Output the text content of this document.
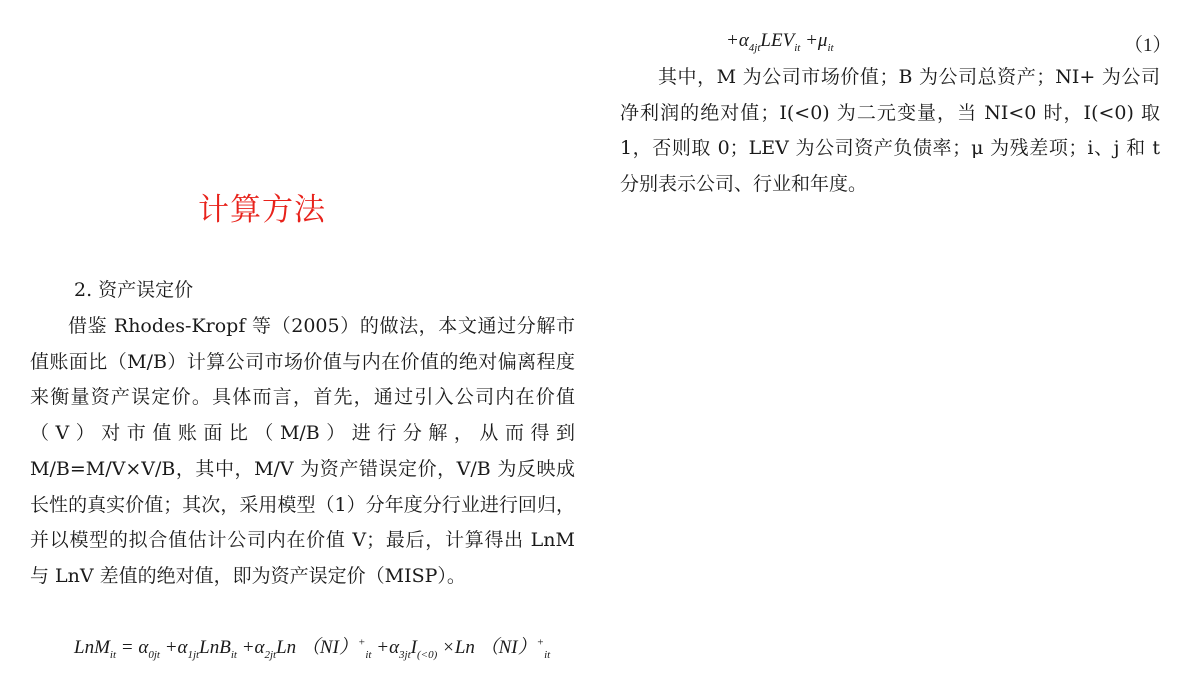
计算方法
2. 资产误定价

借鉴 Rhodes-Kropf 等（2005）的做法，本文通过分解市值账面比（M/B）计算公司市场价值与内在价值的绝对偏离程度来衡量资产误定价。具体而言，首先，通过引入公司内在价值（V）对市值账面比（M/B）进行分解，从而得到 M/B=M/V×V/B，其中，M/V 为资产错误定价，V/B 为反映成长性的真实价值；其次，采用模型（1）分年度分行业进行回归，并以模型的拟合值估计公司内在价值 V；最后，计算得出 LnM 与 LnV 差值的绝对值，即为资产误定价（MISP）。

$LnM_{it} = \alpha_{0jt} +\alpha_{1jt}LnB_{it} +\alpha_{2jt}Ln$ $(NI)^+_{it} +\alpha_{3jt}I_{(<0)} \times Ln$ $(NI)^+_{it}$
$+\alpha_{4jt}LEV_{it} +\mu_{it}$	（1）

其中，M 为公司市场价值；B 为公司总资产；NI+ 为公司净利润的绝对值；I(<0) 为二元变量，当 NI<0 时，I(<0) 取 1，否则取 0；LEV 为公司资产负债率；μ 为残差项；i、j 和 t 分别表示公司、行业和年度。
